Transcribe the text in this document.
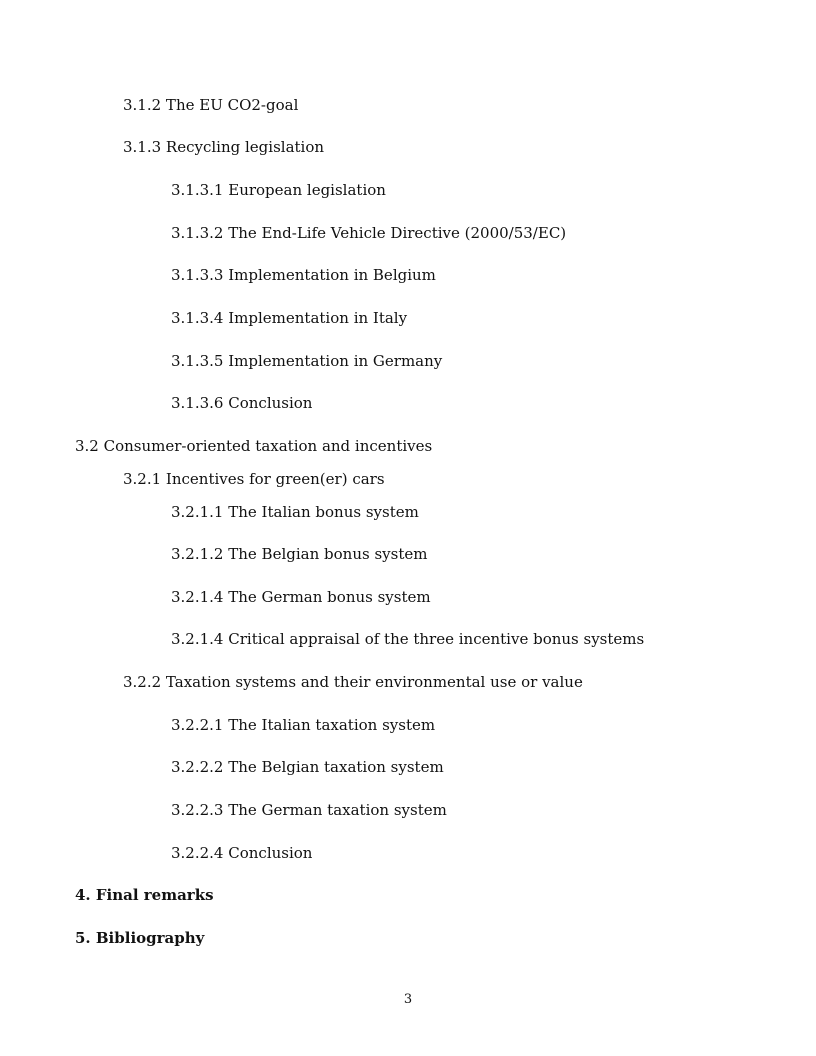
3.1.2 The EU CO2-goal
3.1.3 Recycling legislation
3.1.3.1 European legislation
3.1.3.2 The End-Life Vehicle Directive (2000/53/EC)
3.1.3.3 Implementation in Belgium
3.1.3.4 Implementation in Italy
3.1.3.5 Implementation in Germany
3.1.3.6 Conclusion
3.2 Consumer-oriented taxation and incentives
3.2.1 Incentives for green(er) cars
3.2.1.1 The Italian bonus system
3.2.1.2 The Belgian bonus system
3.2.1.4 The German bonus system
3.2.1.4 Critical appraisal of the three incentive bonus systems
3.2.2 Taxation systems and their environmental use or value
3.2.2.1 The Italian taxation system
3.2.2.2 The Belgian taxation system
3.2.2.3 The German taxation system
3.2.2.4 Conclusion
4. Final remarks
5. Bibliography
3
